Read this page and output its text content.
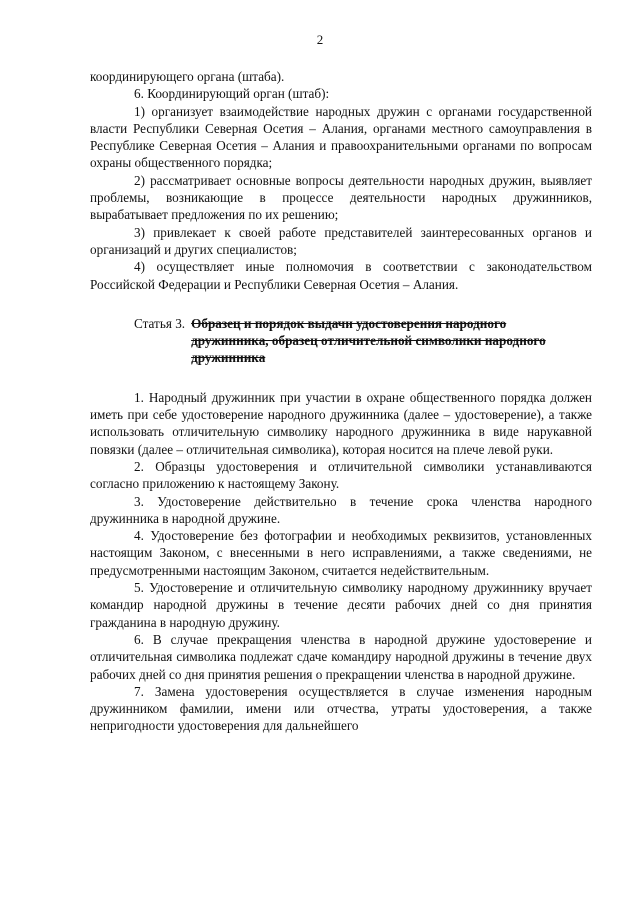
2

координирующего органа (штаба).

6. Координирующий орган (штаб):

1) организует взаимодействие народных дружин с органами государственной власти Республики Северная Осетия – Алания, органами местного самоуправления в Республике Северная Осетия – Алания и правоохранительными органами по вопросам охраны общественного порядка;

2) рассматривает основные вопросы деятельности народных дружин, выявляет проблемы, возникающие в процессе деятельности народных дружинников, вырабатывает предложения по их решению;

3) привлекает к своей работе представителей заинтересованных органов и организаций и других специалистов;

4) осуществляет иные полномочия в соответствии с законодательством Российской Федерации и Республики Северная Осетия – Алания.

Статья 3. Образец и порядок выдачи удостоверения народного дружинника, образец отличительной символики народного дружинника

1. Народный дружинник при участии в охране общественного порядка должен иметь при себе удостоверение народного дружинника (далее – удостоверение), а также использовать отличительную символику народного дружинника в виде нарукавной повязки (далее – отличительная символика), которая носится на плече левой руки.

2. Образцы удостоверения и отличительной символики устанавливаются согласно приложению к настоящему Закону.

3. Удостоверение действительно в течение срока членства народного дружинника в народной дружине.

4. Удостоверение без фотографии и необходимых реквизитов, установленных настоящим Законом, с внесенными в него исправлениями, а также сведениями, не предусмотренными настоящим Законом, считается недействительным.

5. Удостоверение и отличительную символику народному дружиннику вручает командир народной дружины в течение десяти рабочих дней со дня принятия гражданина в народную дружину.

6. В случае прекращения членства в народной дружине удостоверение и отличительная символика подлежат сдаче командиру народной дружины в течение двух рабочих дней со дня принятия решения о прекращении членства в народной дружине.

7. Замена удостоверения осуществляется в случае изменения народным дружинником фамилии, имени или отчества, утраты удостоверения, а также непригодности удостоверения для дальнейшего
